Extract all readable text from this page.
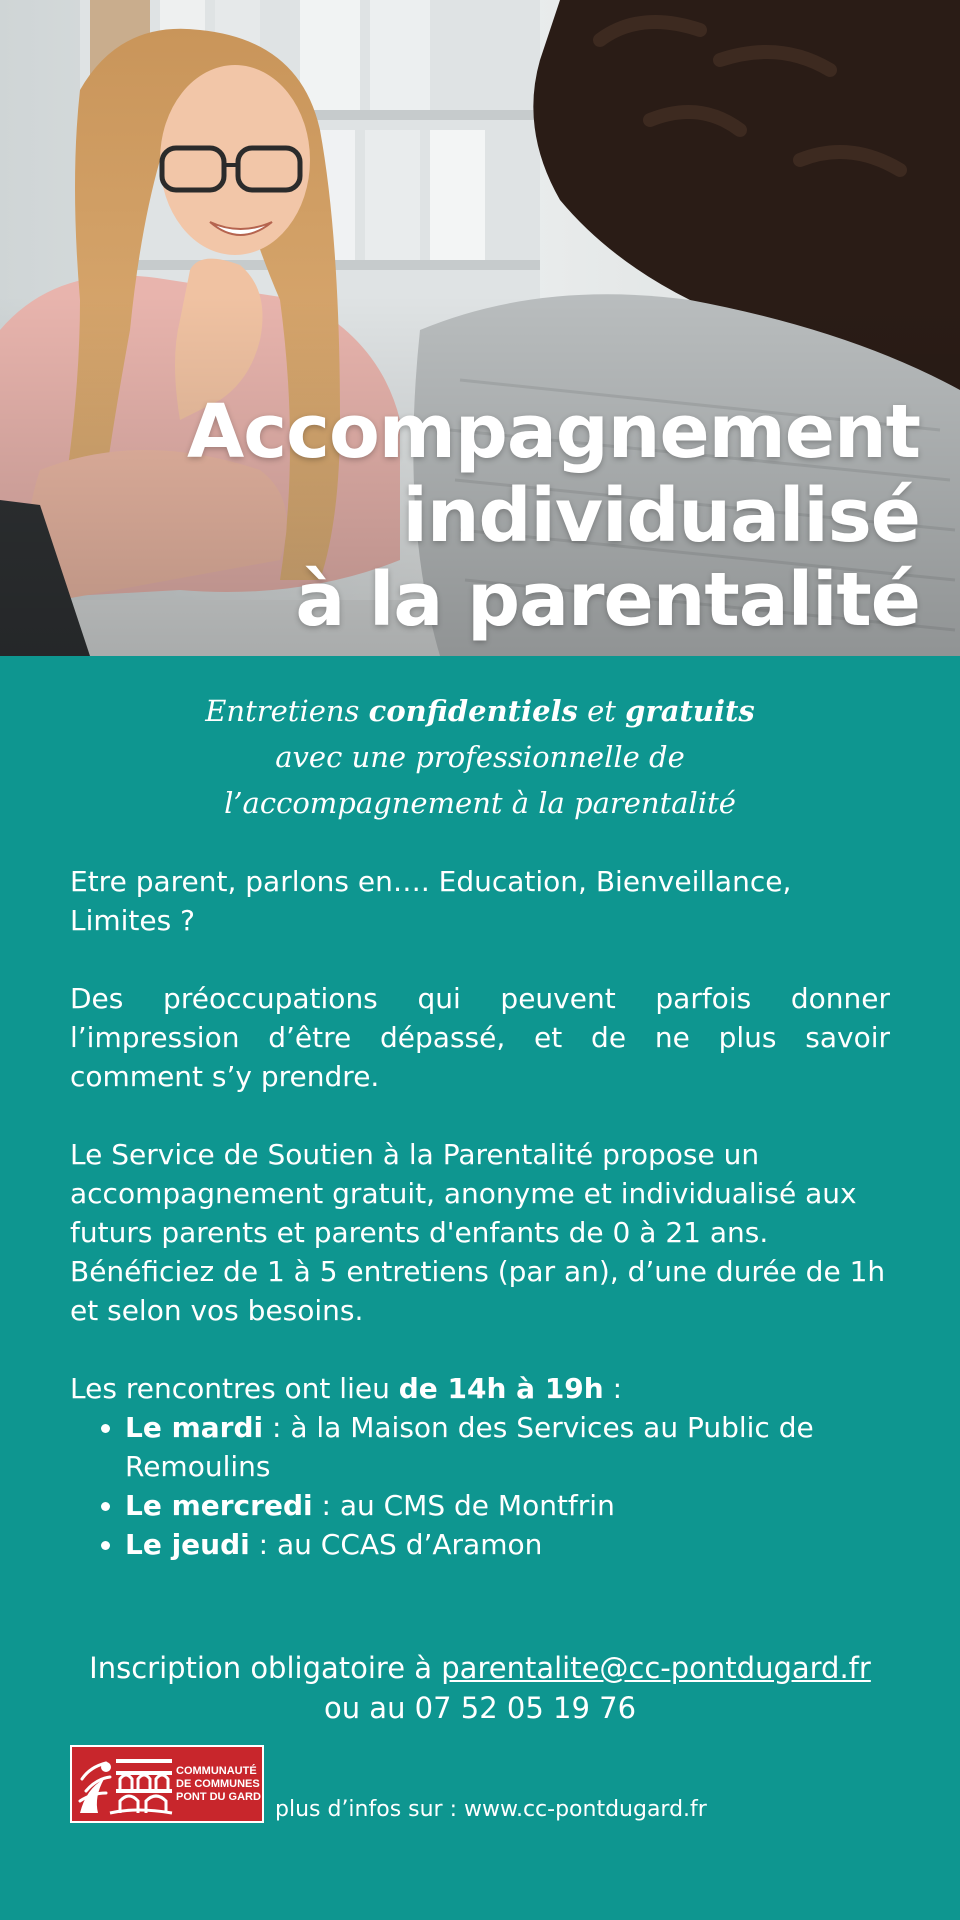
Accompagnement
individualisé
à la parentalité
Entretiens confidentiels et gratuits
avec une professionnelle de
l’accompagnement à la parentalité

Etre parent, parlons en…. Education, Bienveillance, Limites ?

Des préoccupations qui peuvent parfois donner l’impression d’être dépassé, et de ne plus savoir comment s’y prendre.

Le Service de Soutien à la Parentalité propose un accompagnement gratuit, anonyme et individualisé aux futurs parents et parents d'enfants de 0 à 21 ans. Bénéficiez de 1 à 5 entretiens (par an), d’une durée de 1h et selon vos besoins.

Les rencontres ont lieu de 14h à 19h :
• Le mardi : à la Maison des Services au Public de Remoulins
• Le mercredi : au CMS de Montfrin
• Le jeudi : au CCAS d’Aramon
Inscription obligatoire à parentalite@cc-pontdugard.fr
ou au 07 52 05 19 76
COMMUNAUTÉ
DE COMMUNES
PONT DU GARD
plus d’infos sur : www.cc-pontdugard.fr
